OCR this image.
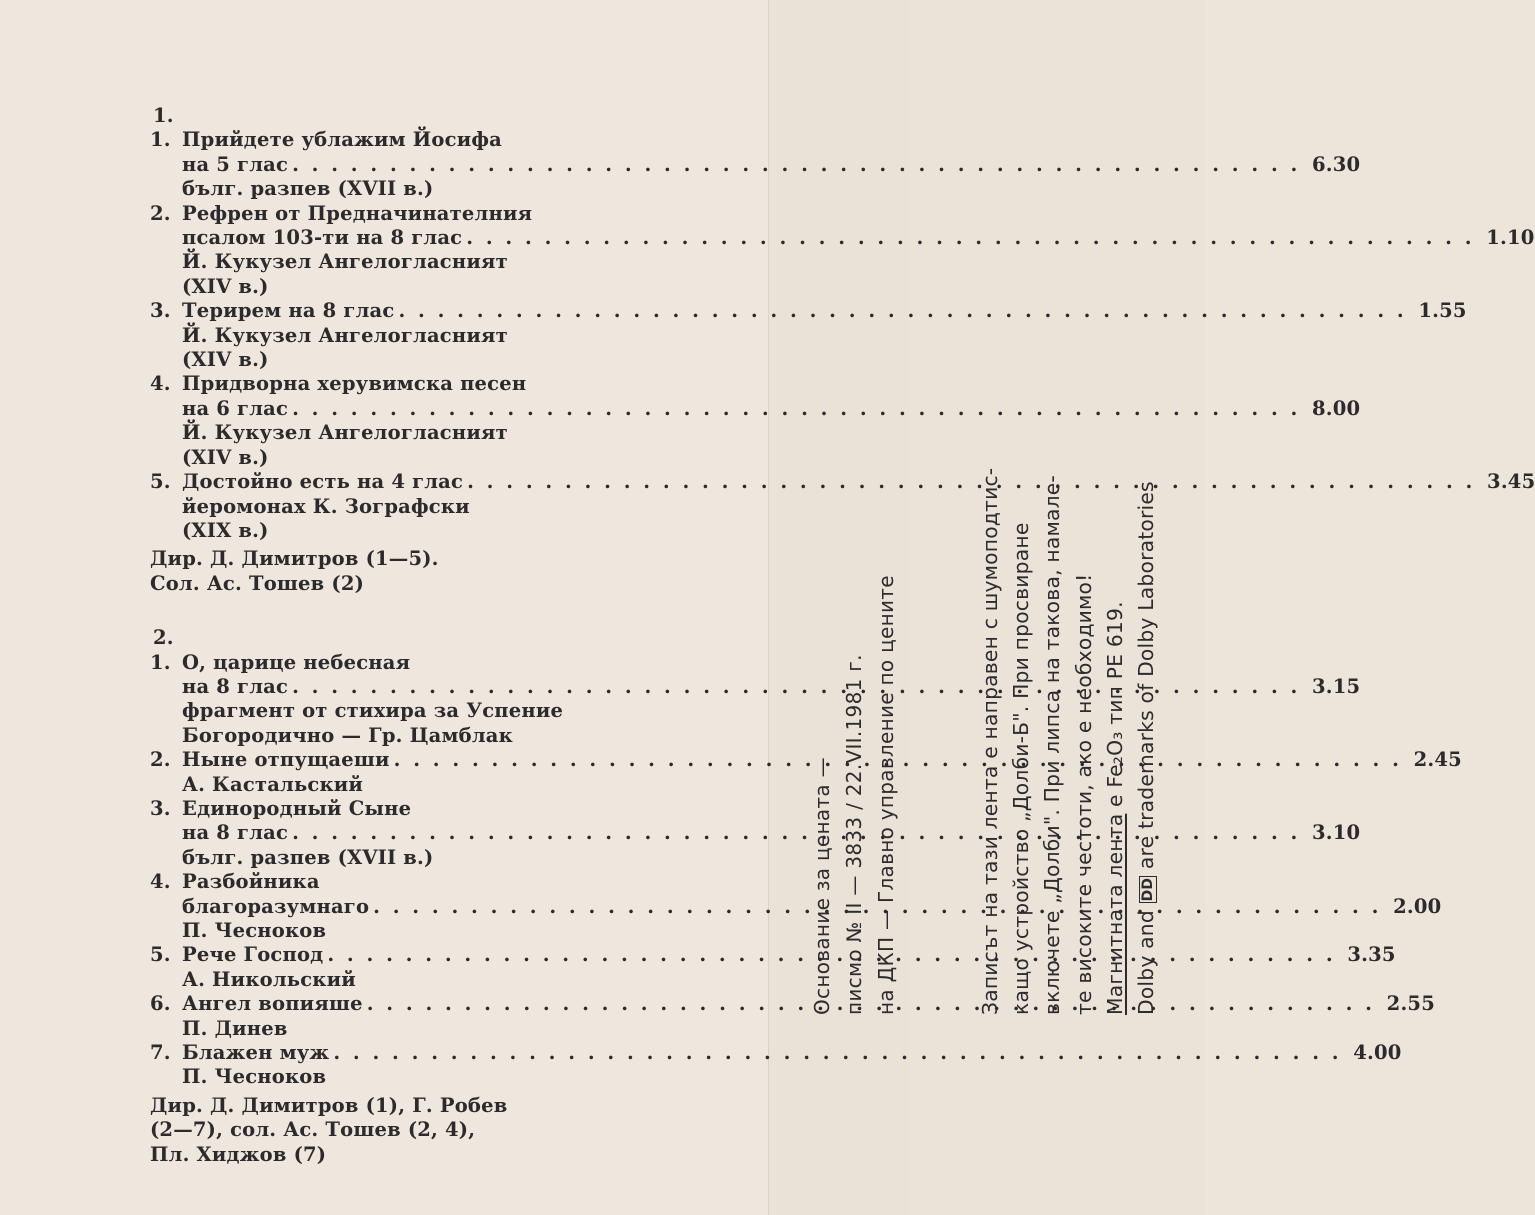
1.
1. Прийдете ублажим Йосифа
на 5 глас . . .	6.30
бълг. разпев (XVII в.)
2. Рефрен от Предначинателния
псалом 103-ти на 8 глас . . .	1.10
Й. Кукузел Ангелогласният
(XIV в.)
3. Терирем на 8 глас . . .	1.55
Й. Кукузел Ангелогласният
(XIV в.)
4. Придворна херувимска песен
на 6 глас . . .	8.00
Й. Кукузел Ангелогласният
(XIV в.)
5. Достойно есть на 4 глас . . .	3.45
йеромонах К. Зографски
(XIX в.)
Дир. Д. Димитров (1—5).
Сол. Ас. Тошев (2)
2.
1. О, царице небесная
на 8 глас . . .	3.15
фрагмент от стихира за Успение
Богородично — Гр. Цамблак
2. Ныне отпущаеши . . .	2.45
А. Кастальский
3. Единородный Сыне
на 8 глас . . .	3.10
бълг. разпев (XVII в.)
4. Разбойника
благоразумнаго . . .	2.00
П. Чесноков
5. Рече Господ . . .	3.35
А. Никольский
6. Ангел вопияше . . .	2.55
П. Динев
7. Блажен муж . . .	4.00
П. Чесноков
Дир. Д. Димитров (1), Г. Робев
(2—7), сол. Ас. Тошев (2, 4),
Пл. Хиджов (7)
Основание за цената — писмо № II — 3833 / 22.VII.1981 г. на ДКП — Главно управление по цените	Записът на тази лента е направен с шумоподтис- кащо устройство „Долби-Б". При просвиране включете „Долби". При липса на такова, намале- те високите честоти, ако е необходимо! Магнитната лента е Fe₂O₃ тип PE 619.
Dolby and DD are trademarks of Dolby Laboratories
